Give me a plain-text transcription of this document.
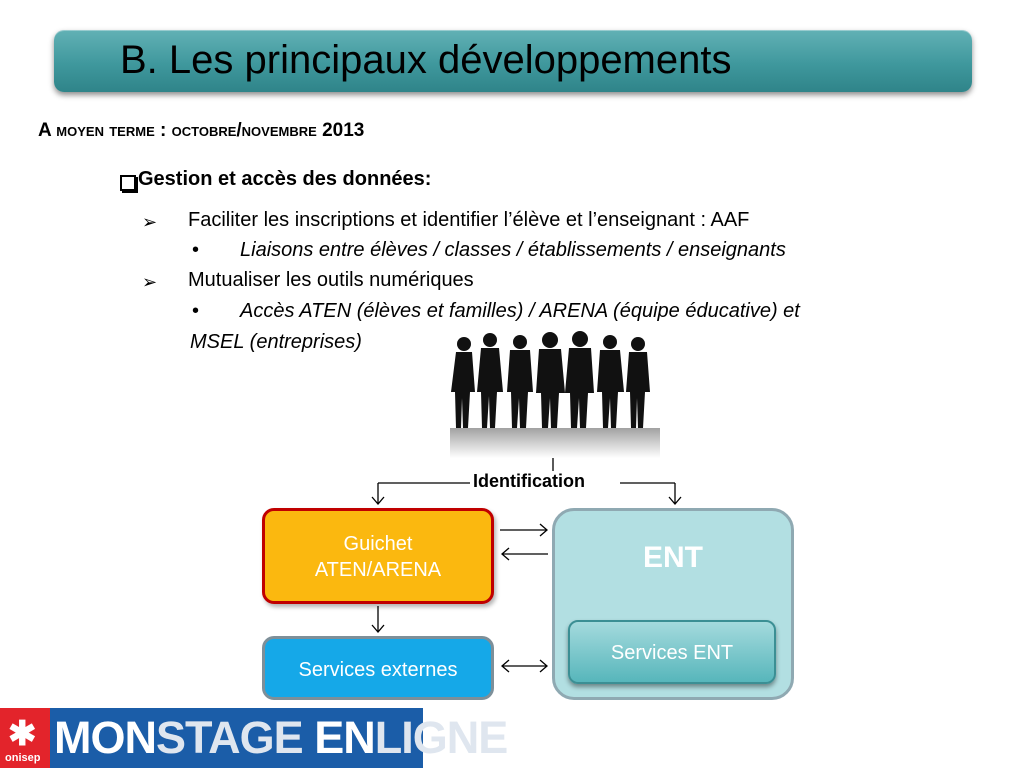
B. Les principaux développements
A moyen terme : octobre/novembre 2013
Gestion et accès des données:
➢ Faciliter les inscriptions et identifier l’élève et l’enseignant : AAF
• Liaisons entre élèves / classes / établissements / enseignants
➢ Mutualiser les outils numériques
• Accès ATEN (élèves et familles) / ARENA (équipe éducative) et
MSEL (entreprises)
Identification
Guichet
ATEN/ARENA	ENT
Services ENT
Services externes
✱
onisep MONSTAGE ENLIGNE
